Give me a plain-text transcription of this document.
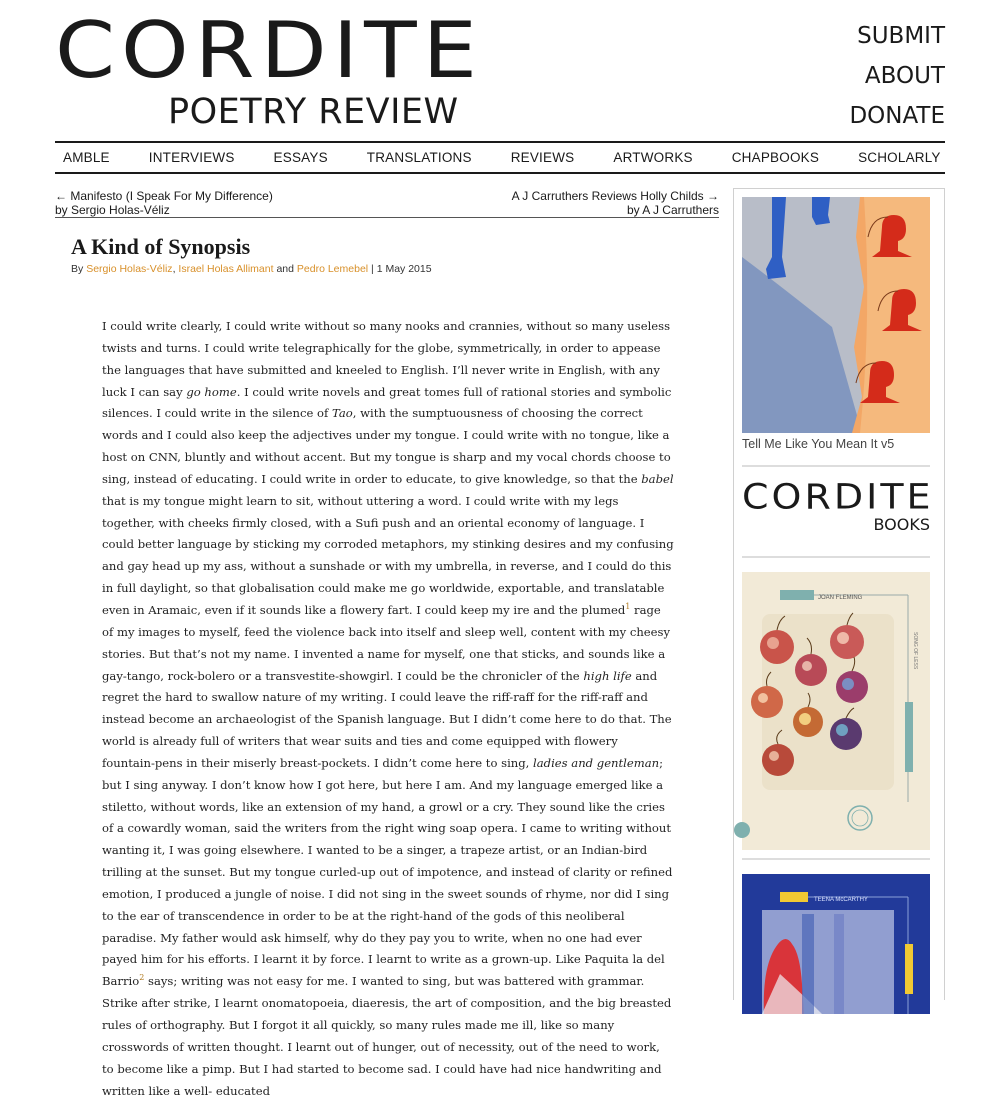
CORDITE
POETRY REVIEW
SUBMIT
ABOUT
DONATE
AMBLE	INTERVIEWS	ESSAYS	TRANSLATIONS	REVIEWS	ARTWORKS	CHAPBOOKS	SCHOLARLY
← Manifesto (I Speak For My Difference)
by Sergio Holas-Véliz
A J Carruthers Reviews Holly Childs →
by A J Carruthers
A Kind of Synopsis
By Sergio Holas-Véliz, Israel Holas Allimant and Pedro Lemebel | 1 May 2015
I could write clearly, I could write without so many nooks and crannies, without so many useless twists and turns. I could write telegraphically for the globe, symmetrically, in order to appease the languages that have submitted and kneeled to English. I’ll never write in English, with any luck I can say go home. I could write novels and great tomes full of rational stories and symbolic silences. I could write in the silence of Tao, with the sumptuousness of choosing the correct words and I could also keep the adjectives under my tongue. I could write with no tongue, like a host on CNN, bluntly and without accent. But my tongue is sharp and my vocal chords choose to sing, instead of educating. I could write in order to educate, to give knowledge, so that the babel that is my tongue might learn to sit, without uttering a word. I could write with my legs together, with cheeks firmly closed, with a Sufi push and an oriental economy of language. I could better language by sticking my corroded metaphors, my stinking desires and my confusing and gay head up my ass, without a sunshade or with my umbrella, in reverse, and I could do this in full daylight, so that globalisation could make me go worldwide, exportable, and translatable even in Aramaic, even if it sounds like a flowery fart. I could keep my ire and the plumed$^1$ rage of my images to myself, feed the violence back into itself and sleep well, content with my cheesy stories. But that’s not my name. I invented a name for myself, one that sticks, and sounds like a gay-tango, rock-bolero or a transvestite-showgirl. I could be the chronicler of the high life and regret the hard to swallow nature of my writing. I could leave the riff-raff for the riff-raff and instead become an archaeologist of the Spanish language. But I didn’t come here to do that. The world is already full of writers that wear suits and ties and come equipped with flowery fountain-pens in their miserly breast-pockets. I didn’t come here to sing, ladies and gentleman; but I sing anyway. I don’t know how I got here, but here I am. And my language emerged like a stiletto, without words, like an extension of my hand, a growl or a cry. They sound like the cries of a cowardly woman, said the writers from the right wing soap opera. I came to writing without wanting it, I was going elsewhere. I wanted to be a singer, a trapeze artist, or an Indian-bird trilling at the sunset. But my tongue curled-up out of impotence, and instead of clarity or refined emotion, I produced a jungle of noise. I did not sing in the sweet sounds of rhyme, nor did I sing to the ear of transcendence in order to be at the right-hand of the gods of this neoliberal paradise. My father would ask himself, why do they pay you to write, when no one had ever payed him for his efforts. I learnt it by force. I learnt to write as a grown-up. Like Paquita la del Barrio$^2$ says; writing was not easy for me. I wanted to sing, but was battered with grammar. Strike after strike, I learnt onomatopoeia, diaeresis, the art of composition, and the big breasted rules of orthography. But I forgot it all quickly, so many rules made me ill, like so many crosswords of written thought. I learnt out of hunger, out of necessity, out of the need to work, to become like a pimp. But I had started to become sad. I could have had nice handwriting and written like a well- educated
Tell Me Like You Mean It v5
CORDITE
BOOKS
JOAN FLEMING
SONG OF LESS
TEENA McCARTHY
